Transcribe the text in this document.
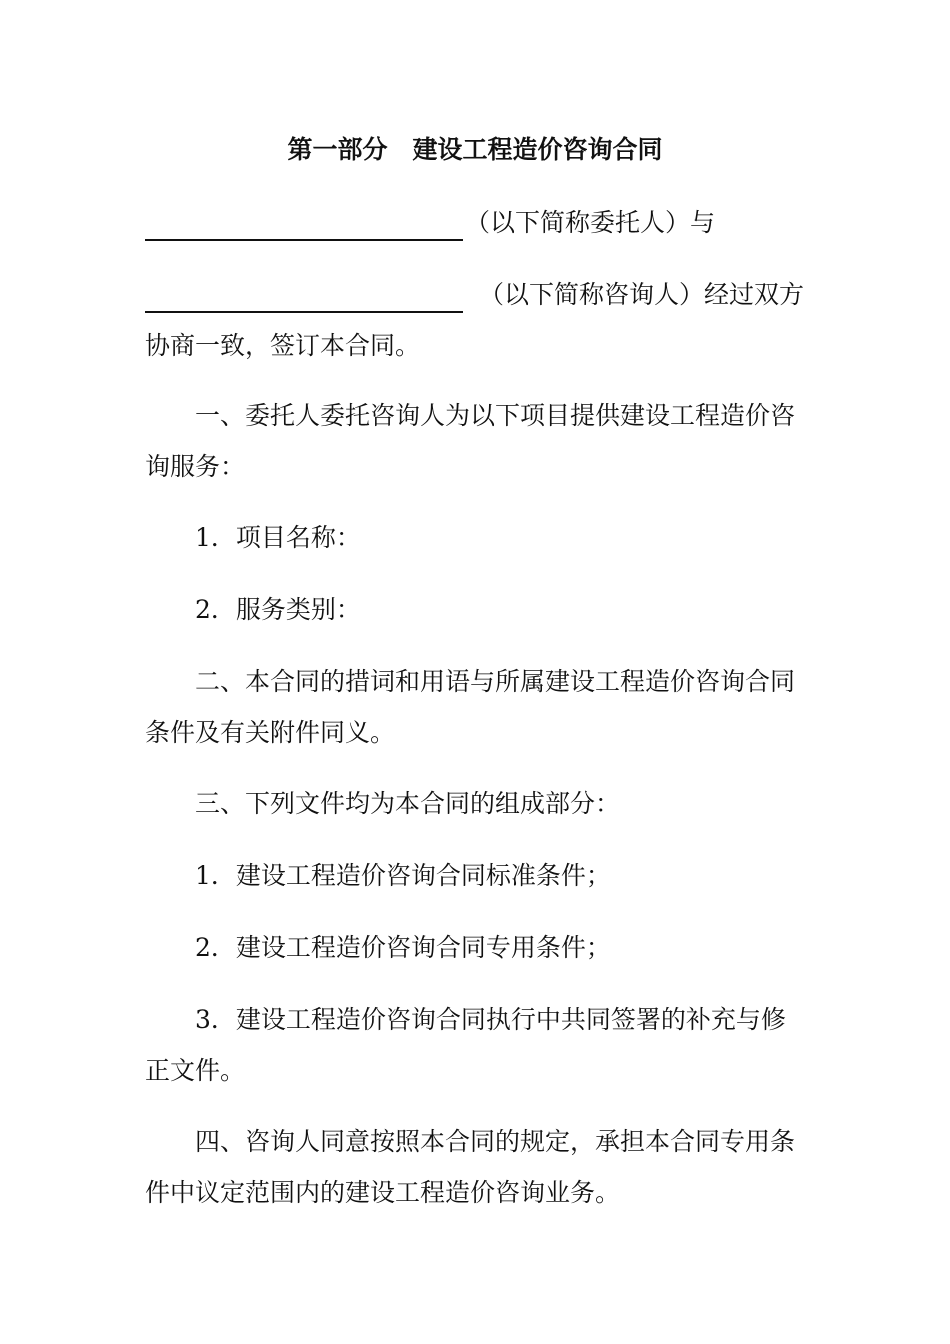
第一部分　建设工程造价咨询合同
（以下简称委托人）与
（以下简称咨询人）经过双方
协商一致，签订本合同。
一、委托人委托咨询人为以下项目提供建设工程造价咨
询服务：
1．项目名称：
2．服务类别：
二、本合同的措词和用语与所属建设工程造价咨询合同
条件及有关附件同义。
三、下列文件均为本合同的组成部分：
1．建设工程造价咨询合同标准条件；
2．建设工程造价咨询合同专用条件；
3．建设工程造价咨询合同执行中共同签署的补充与修
正文件。
四、咨询人同意按照本合同的规定，承担本合同专用条
件中议定范围内的建设工程造价咨询业务。
